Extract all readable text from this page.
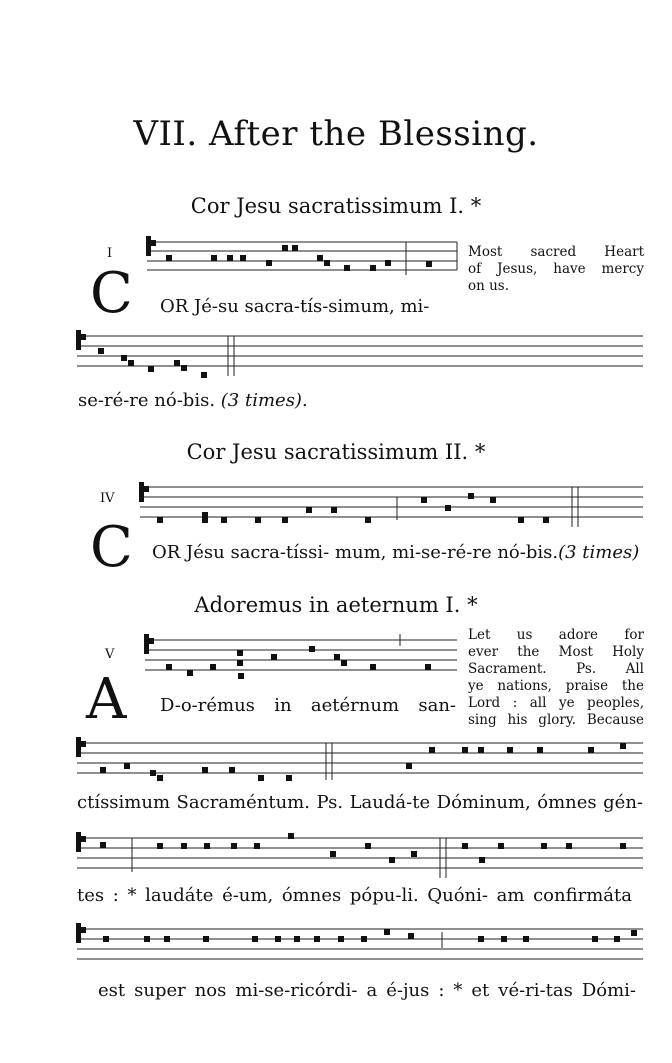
VII. After the Blessing.
Cor Jesu sacratissimum I. *
I
C OR Jé-su sacra-tís-simum, mi-
Most sacred Heart
of Jesus, have mercy
on us.
se-ré-re nó-bis. (3 times).
Cor Jesu sacratissimum II. *
IV
C OR Jésu sacra-tíssi- mum, mi-se-ré-re nó-bis.(3 times)
Adoremus in aeternum I. *
V
A D-o-rémus in aetérnum san-
Let us adore for
ever the Most Holy
Sacrament. Ps. All
ye nations, praise the
Lord : all ye peoples,
sing his glory. Because
ctíssimum Sacraméntum. Ps. Laudá-te Dóminum, ómnes gén-
tes : * laudáte é-um, ómnes pópu-li. Quóni- am confirmáta
est super nos mi-se-ricórdi- a é-jus : * et vé-ri-tas Dómi-
